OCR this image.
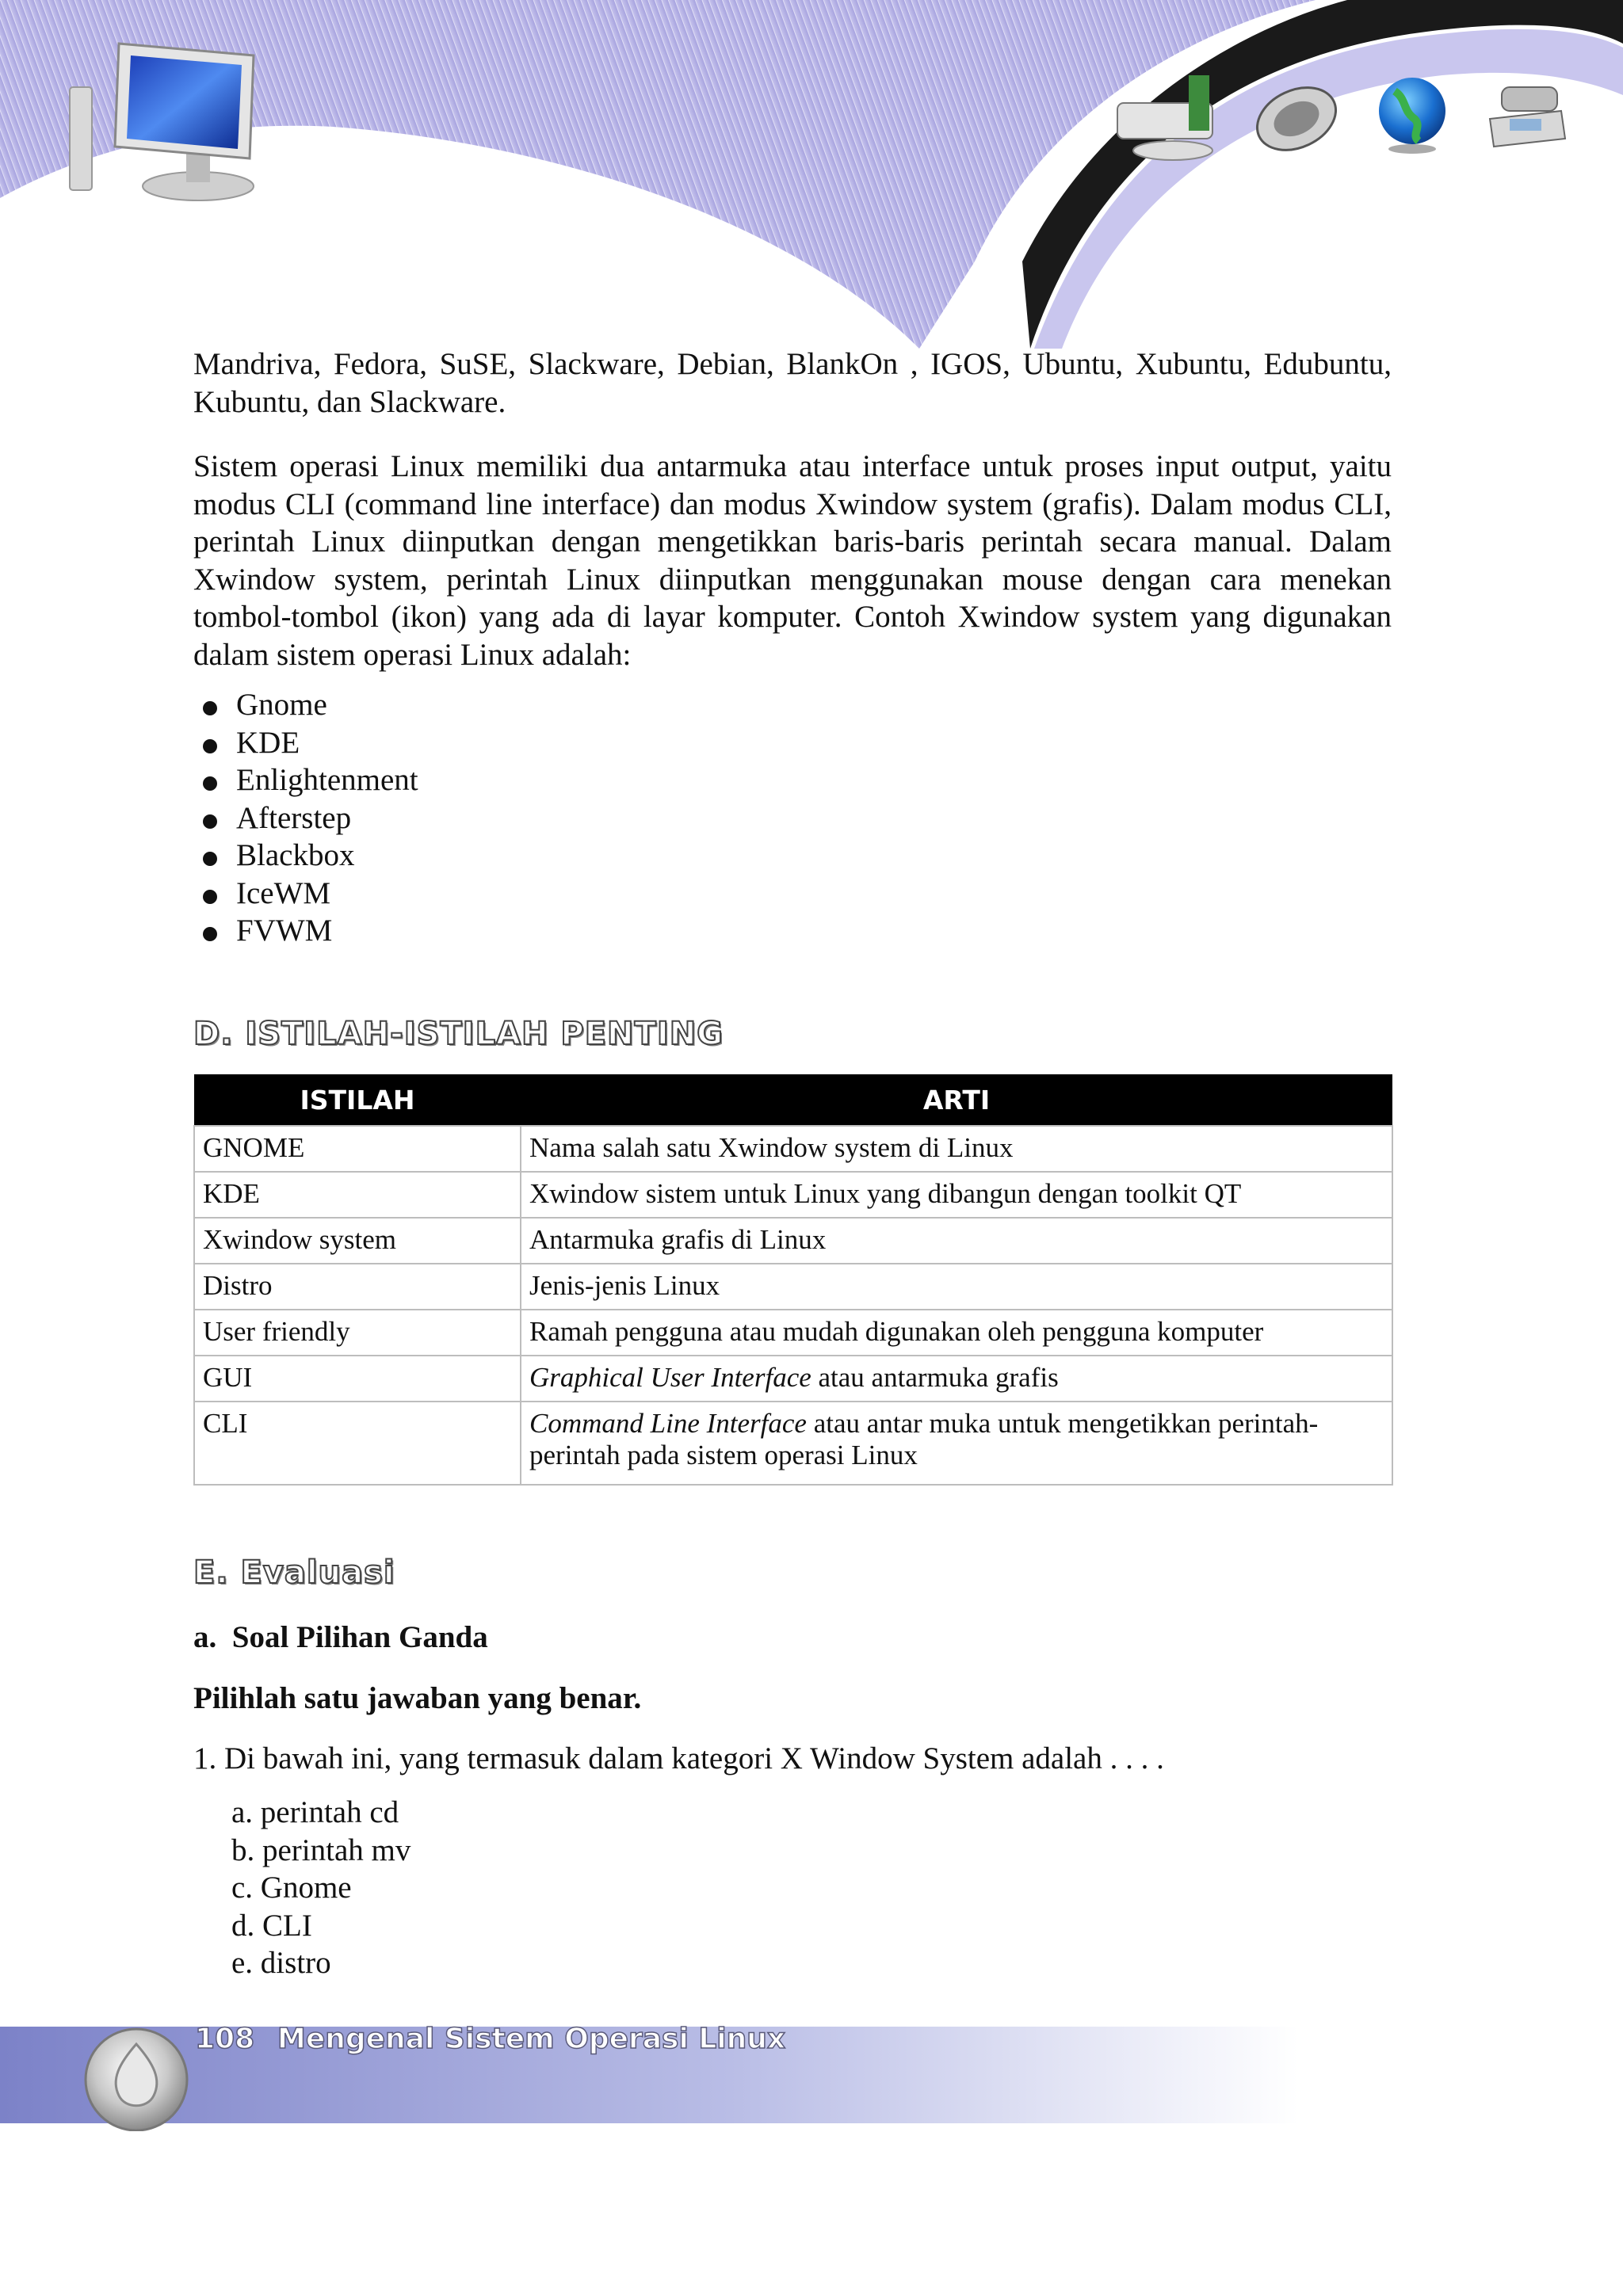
Mandriva, Fedora, SuSE, Slackware, Debian, BlankOn , IGOS, Ubuntu, Xubuntu, Edubuntu, Kubuntu, dan Slackware.

Sistem operasi Linux memiliki dua antarmuka atau interface untuk proses input output, yaitu modus CLI (command line interface) dan modus Xwindow system (grafis). Dalam modus CLI, perintah Linux diinputkan dengan mengetikkan baris-baris perintah secara manual. Dalam Xwindow system, perintah Linux diinputkan menggunakan mouse dengan cara menekan tombol-tombol (ikon) yang ada di layar komputer. Contoh Xwindow system yang digunakan dalam sistem operasi Linux adalah:

Gnome
KDE
Enlightenment
Afterstep
Blackbox
IceWM
FVWM
D. ISTILAH-ISTILAH PENTING
ISTILAH	ARTI
GNOME	Nama salah satu Xwindow system di Linux
KDE	Xwindow sistem untuk Linux yang dibangun dengan toolkit QT
Xwindow system	Antarmuka grafis di Linux
Distro	Jenis-jenis Linux
User friendly	Ramah pengguna atau mudah digunakan oleh pengguna komputer
GUI	Graphical User Interface atau antarmuka grafis
CLI	Command Line Interface atau antar muka untuk mengetikkan perintah-perintah pada sistem operasi Linux
E. Evaluasi
a.  Soal Pilihan Ganda
Pilihlah satu jawaban yang benar.
1. Di bawah ini, yang termasuk dalam kategori X Window System adalah . . . .
a. perintah cd
b. perintah mv
c. Gnome
d. CLI
e. distro
108 Mengenal Sistem Operasi Linux
